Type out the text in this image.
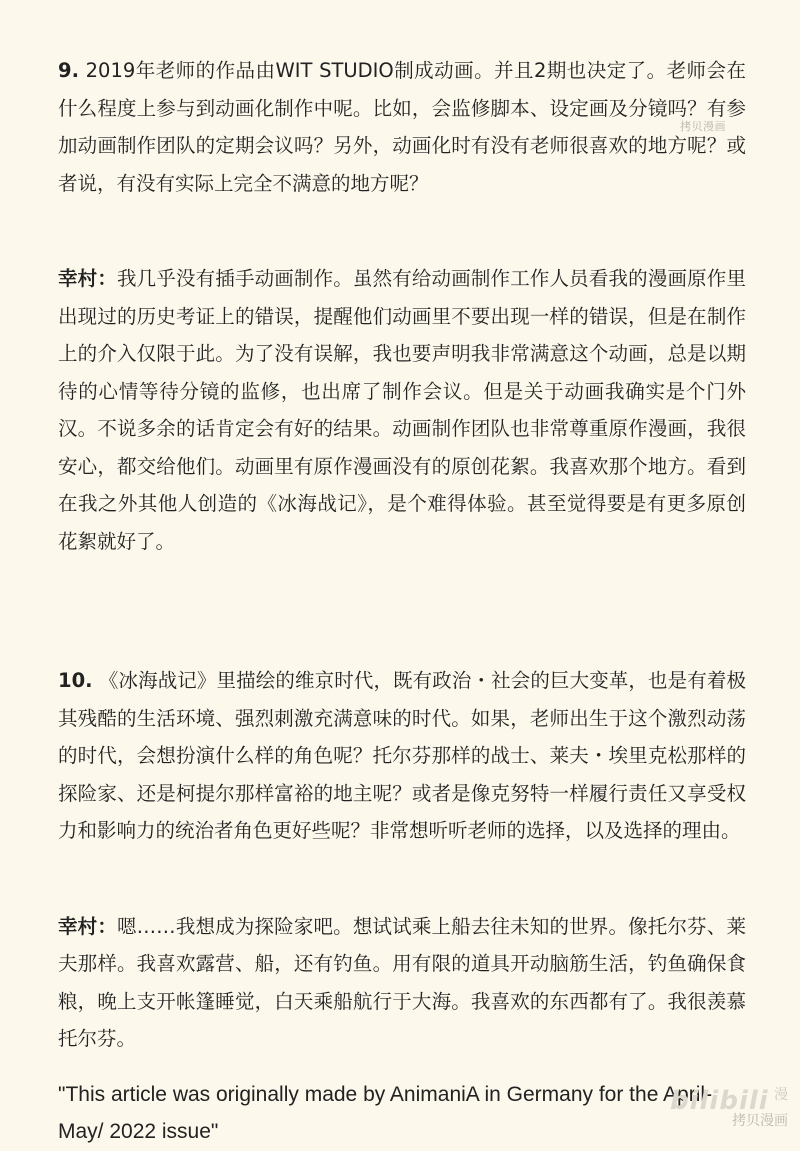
9. 2019年老师的作品由WIT STUDIO制成动画。并且2期也决定了。老师会在什么程度上参与到动画化制作中呢。比如，会监修脚本、设定画及分镜吗？有参加动画制作团队的定期会议吗？另外，动画化时有没有老师很喜欢的地方呢？或者说，有没有实际上完全不满意的地方呢？

幸村：我几乎没有插手动画制作。虽然有给动画制作工作人员看我的漫画原作里出现过的历史考证上的错误，提醒他们动画里不要出现一样的错误，但是在制作上的介入仅限于此。为了没有误解，我也要声明我非常满意这个动画，总是以期待的心情等待分镜的监修，也出席了制作会议。但是关于动画我确实是个门外汉。不说多余的话肯定会有好的结果。动画制作团队也非常尊重原作漫画，我很安心，都交给他们。动画里有原作漫画没有的原创花絮。我喜欢那个地方。看到在我之外其他人创造的《冰海战记》，是个难得体验。甚至觉得要是有更多原创花絮就好了。

10. 《冰海战记》里描绘的维京时代，既有政治・社会的巨大变革，也是有着极其残酷的生活环境、强烈刺激充满意味的时代。如果，老师出生于这个激烈动荡的时代，会想扮演什么样的角色呢？托尔芬那样的战士、莱夫・埃里克松那样的探险家、还是柯提尔那样富裕的地主呢？或者是像克努特一样履行责任又享受权力和影响力的统治者角色更好些呢？非常想听听老师的选择，以及选择的理由。

幸村：嗯……我想成为探险家吧。想试试乘上船去往未知的世界。像托尔芬、莱夫那样。我喜欢露营、船，还有钓鱼。用有限的道具开动脑筋生活，钓鱼确保食粮，晚上支开帐篷睡觉，白天乘船航行于大海。我喜欢的东西都有了。我很羡慕托尔芬。

"This article was originally made by AnimaniA in Germany for the April-May/ 2022 issue"

拷贝漫画
bilibili 漫
拷贝漫画
